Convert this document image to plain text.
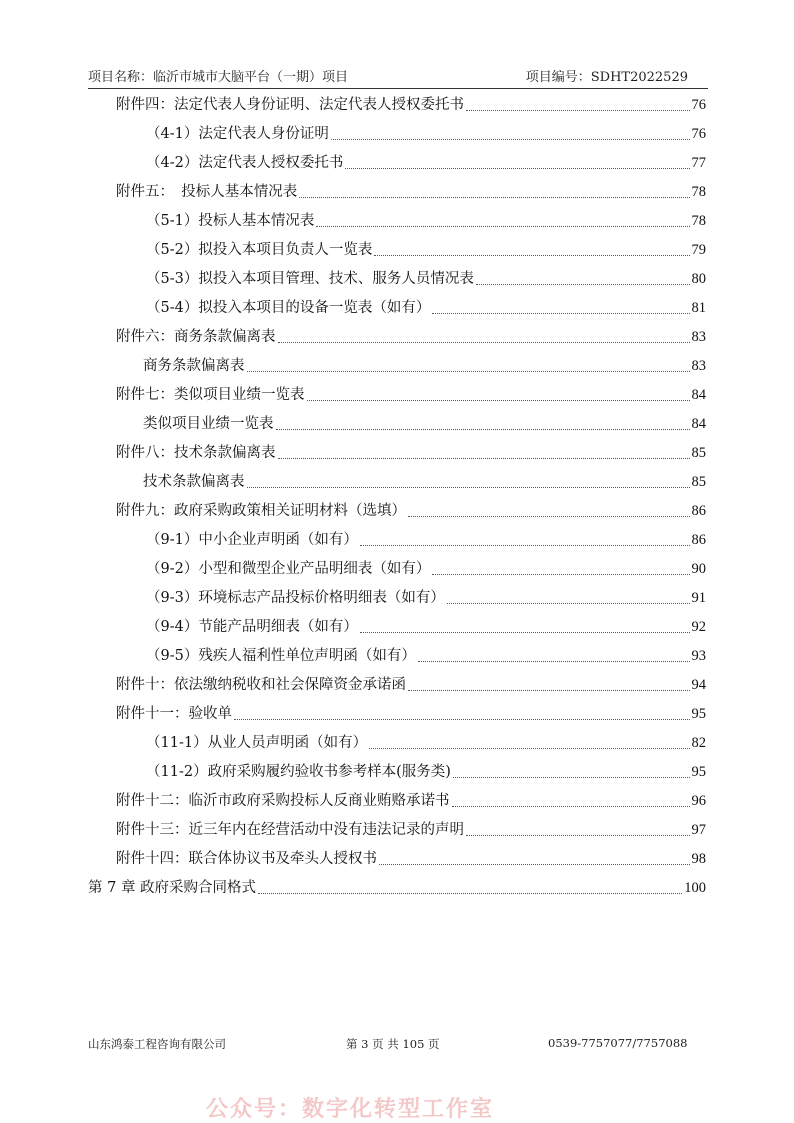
项目名称：临沂市城市大脑平台（一期）项目	项目编号：SDHT2022529
附件四：法定代表人身份证明、法定代表人授权委托书	76
（4-1）法定代表人身份证明	76
（4-2）法定代表人授权委托书	77
附件五：　投标人基本情况表	78
（5-1）投标人基本情况表	78
（5-2）拟投入本项目负责人一览表	79
（5-3）拟投入本项目管理、技术、服务人员情况表	80
（5-4）拟投入本项目的设备一览表（如有）	81
附件六：商务条款偏离表	83
商务条款偏离表	83
附件七：类似项目业绩一览表	84
类似项目业绩一览表	84
附件八：技术条款偏离表	85
技术条款偏离表	85
附件九：政府采购政策相关证明材料（选填）	86
（9-1）中小企业声明函（如有）	86
（9-2）小型和微型企业产品明细表（如有）	90
（9-3）环境标志产品投标价格明细表（如有）	91
（9-4）节能产品明细表（如有）	92
（9-5）残疾人福利性单位声明函（如有）	93
附件十：依法缴纳税收和社会保障资金承诺函	94
附件十一：验收单	95
（11-1）从业人员声明函（如有）	82
（11-2）政府采购履约验收书参考样本(服务类)	95
附件十二：临沂市政府采购投标人反商业贿赂承诺书	96
附件十三：近三年内在经营活动中没有违法记录的声明	97
附件十四：联合体协议书及牵头人授权书	98
第 7 章 政府采购合同格式	100
山东鸿泰工程咨询有限公司	第 3 页 共 105 页	0539-7757077/7757088
公众号：数字化转型工作室
